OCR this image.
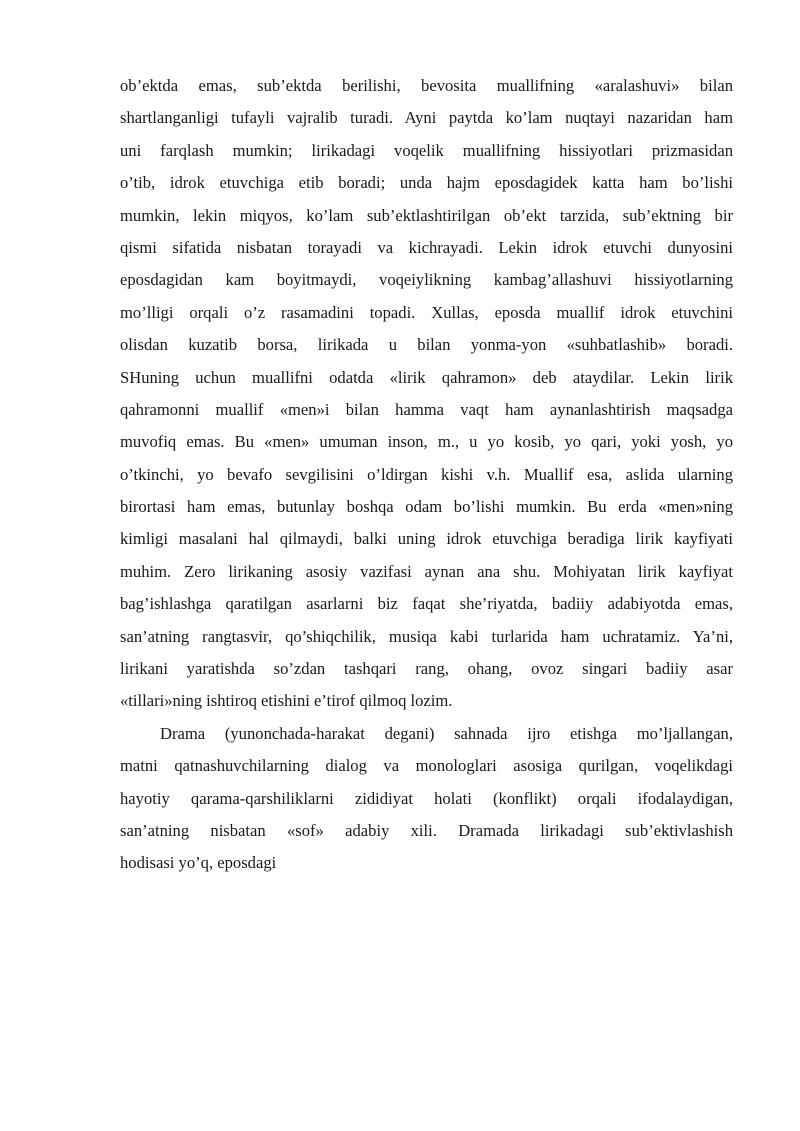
ob’ektda emas, sub’ektda berilishi, bevosita muallifning «aralashuvi» bilan
shartlanganligi tufayli vajralib turadi. Ayni paytda ko’lam nuqtayi nazaridan ham
uni farqlash mumkin; lirikadagi voqelik muallifning hissiyotlari prizmasidan
o’tib, idrok etuvchiga etib boradi; unda hajm eposdagidek katta ham bo’lishi
mumkin, lekin miqyos, ko’lam sub’ektlashtirilgan ob’ekt tarzida, sub’ektning bir
qismi sifatida nisbatan torayadi va kichrayadi. Lekin idrok etuvchi dunyosini
eposdagidan kam boyitmaydi, voqeiylikning kambag’allashuvi hissiyotlarning
mo’lligi orqali o’z rasamadini topadi. Xullas, eposda muallif idrok etuvchini
olisdan kuzatib borsa, lirikada u bilan yonma-yon «suhbatlashib» boradi.
SHuning uchun muallifni odatda «lirik qahramon» deb ataydilar. Lekin lirik
qahramonni muallif «men»i bilan hamma vaqt ham aynanlashtirish maqsadga
muvofiq emas. Bu «men» umuman inson, m., u yo kosib, yo qari, yoki yosh, yo
o’tkinchi, yo bevafo sevgilisini o’ldirgan kishi v.h. Muallif esa, aslida ularning
birortasi ham emas, butunlay boshqa odam bo’lishi mumkin. Bu erda «men»ning
kimligi masalani hal qilmaydi, balki uning idrok etuvchiga beradiga lirik kayfiyati
muhim. Zero lirikaning asosiy vazifasi aynan ana shu. Mohiyatan lirik kayfiyat
bag’ishlashga qaratilgan asarlarni biz faqat she’riyatda, badiiy adabiyotda emas,
san’atning rangtasvir, qo’shiqchilik, musiqa kabi turlarida ham uchratamiz. Ya’ni,
lirikani yaratishda so’zdan tashqari rang, ohang, ovoz singari badiiy asar
«tillari»ning ishtiroq etishini e’tirof qilmoq lozim.
Drama (yunonchada-harakat degani) sahnada ijro etishga mo’ljallangan,
matni qatnashuvchilarning dialog va monologlari asosiga qurilgan, voqelikdagi
hayotiy qarama-qarshiliklarni zididiyat holati (konflikt) orqali ifodalaydigan,
san’atning nisbatan «sof» adabiy xili. Dramada lirikadagi sub’ektivlashish
hodisasi yo’q, eposdagi
